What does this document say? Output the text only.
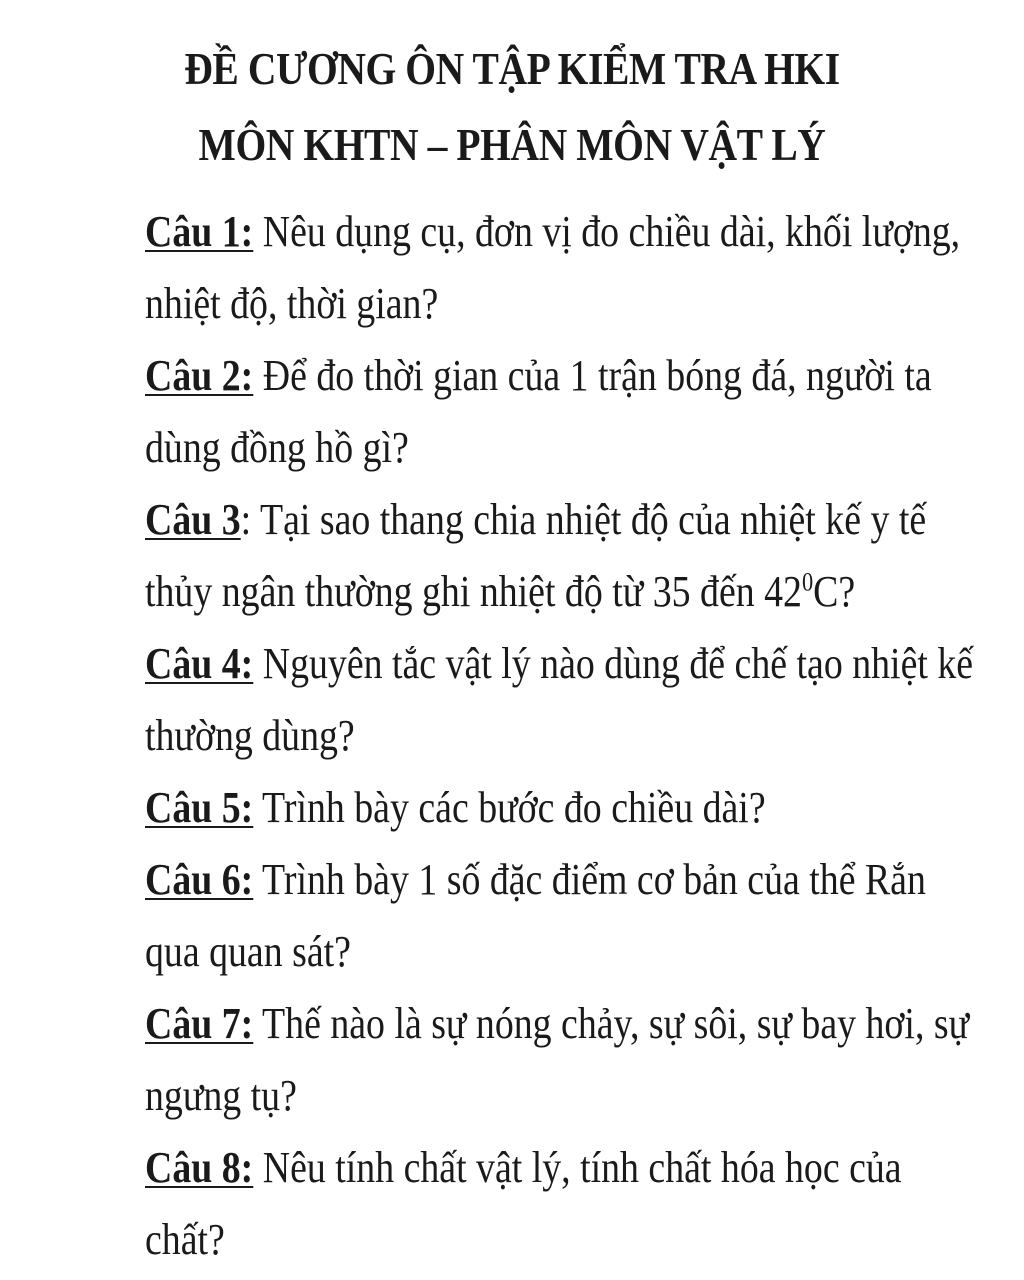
ĐỀ CƯƠNG ÔN TẬP KIỂM TRA HKI
MÔN KHTN – PHÂN MÔN VẬT LÝ

Câu 1: Nêu dụng cụ, đơn vị đo chiều dài, khối lượng,
nhiệt độ, thời gian?

Câu 2: Để đo thời gian của 1 trận bóng đá, người ta
dùng đồng hồ gì?

Câu 3: Tại sao thang chia nhiệt độ của nhiệt kế y tế
thủy ngân thường ghi nhiệt độ từ 35 đến $42^0C$?

Câu 4: Nguyên tắc vật lý nào dùng để chế tạo nhiệt kế
thường dùng?

Câu 5: Trình bày các bước đo chiều dài?

Câu 6: Trình bày 1 số đặc điểm cơ bản của thể Rắn
qua quan sát?

Câu 7: Thế nào là sự nóng chảy, sự sôi, sự bay hơi, sự
ngưng tụ?

Câu 8: Nêu tính chất vật lý, tính chất hóa học của
chất?
